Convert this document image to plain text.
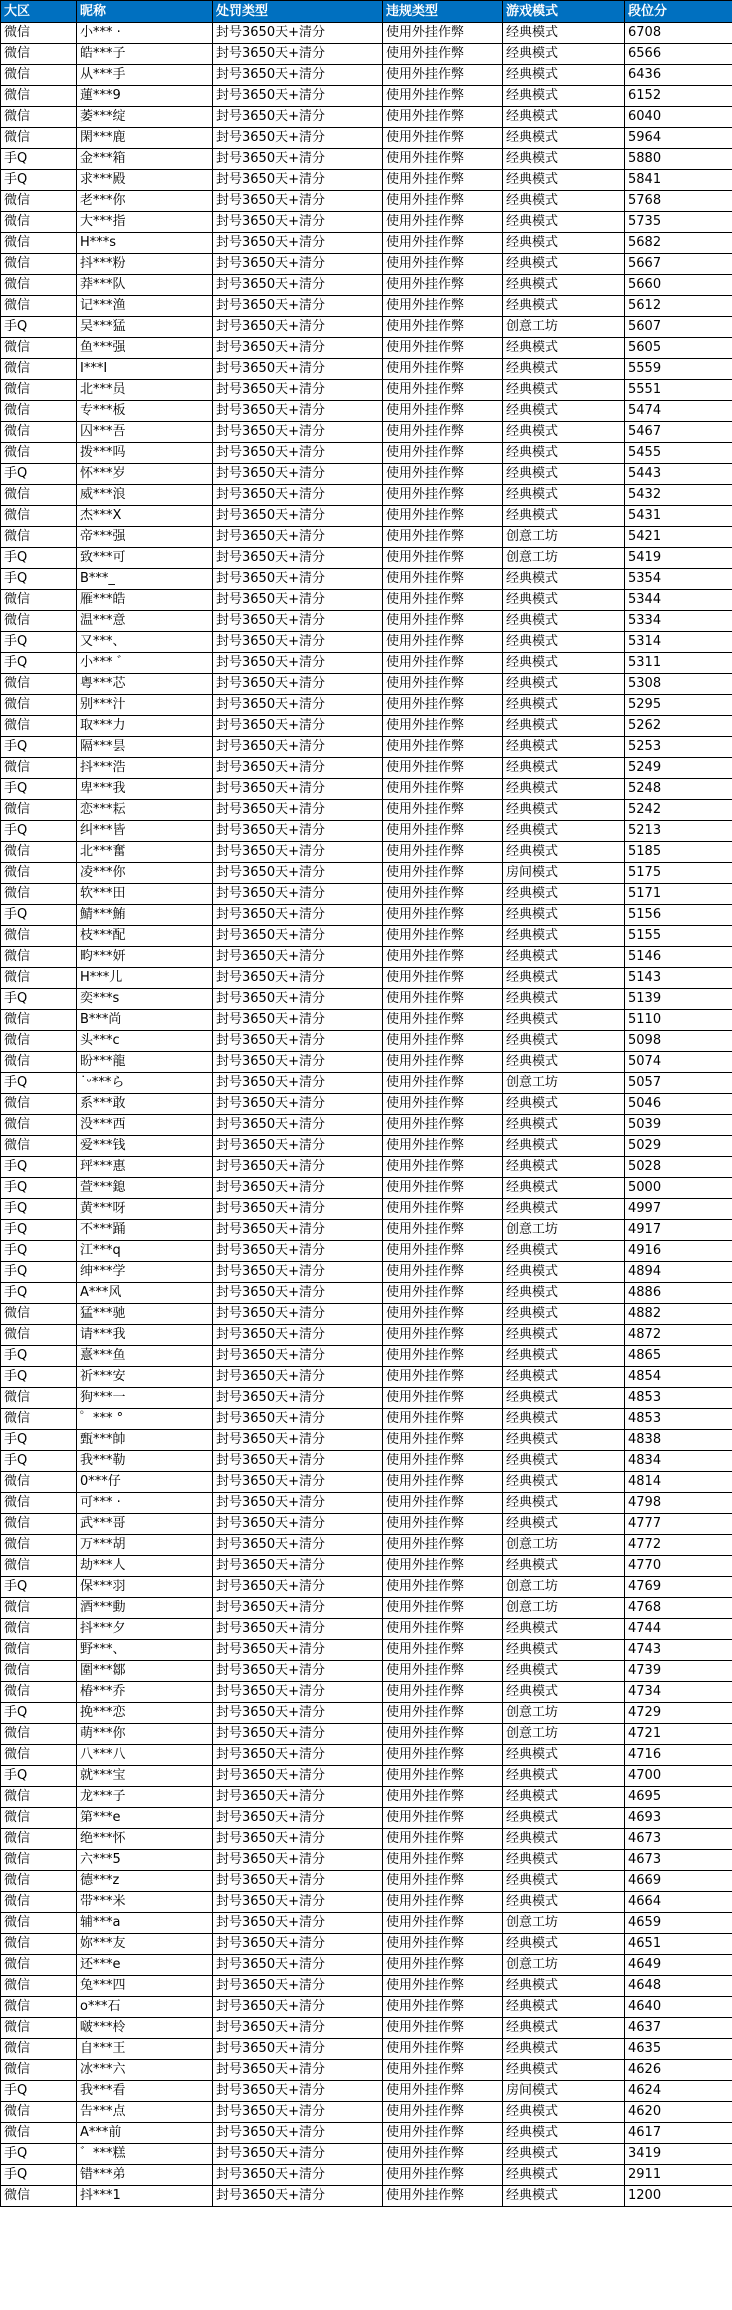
大区	昵称	处罚类型	违规类型	游戏模式	段位分
微信	小*** ·	封号3650天+清分	使用外挂作弊	经典模式	6708
微信	皓***子	封号3650天+清分	使用外挂作弊	经典模式	6566
微信	从***手	封号3650天+清分	使用外挂作弊	经典模式	6436
微信	蓮***9	封号3650天+清分	使用外挂作弊	经典模式	6152
微信	萎***绽	封号3650天+清分	使用外挂作弊	经典模式	6040
微信	閑***鹿	封号3650天+清分	使用外挂作弊	经典模式	5964
手Q	金***箱	封号3650天+清分	使用外挂作弊	经典模式	5880
手Q	求***殿	封号3650天+清分	使用外挂作弊	经典模式	5841
微信	老***你	封号3650天+清分	使用外挂作弊	经典模式	5768
微信	大***指	封号3650天+清分	使用外挂作弊	经典模式	5735
微信	H***s	封号3650天+清分	使用外挂作弊	经典模式	5682
微信	抖***粉	封号3650天+清分	使用外挂作弊	经典模式	5667
微信	莽***队	封号3650天+清分	使用外挂作弊	经典模式	5660
微信	记***渔	封号3650天+清分	使用外挂作弊	经典模式	5612
手Q	吴***猛	封号3650天+清分	使用外挂作弊	创意工坊	5607
微信	鱼***强	封号3650天+清分	使用外挂作弊	经典模式	5605
微信	I***I	封号3650天+清分	使用外挂作弊	经典模式	5559
微信	北***员	封号3650天+清分	使用外挂作弊	经典模式	5551
微信	专***板	封号3650天+清分	使用外挂作弊	经典模式	5474
微信	囚***吾	封号3650天+清分	使用外挂作弊	经典模式	5467
微信	拨***吗	封号3650天+清分	使用外挂作弊	经典模式	5455
手Q	怀***岁	封号3650天+清分	使用外挂作弊	经典模式	5443
微信	威***浪	封号3650天+清分	使用外挂作弊	经典模式	5432
微信	杰***X	封号3650天+清分	使用外挂作弊	经典模式	5431
微信	帝***强	封号3650天+清分	使用外挂作弊	创意工坊	5421
手Q	致***可	封号3650天+清分	使用外挂作弊	创意工坊	5419
手Q	B***_	封号3650天+清分	使用外挂作弊	经典模式	5354
微信	雁***皓	封号3650天+清分	使用外挂作弊	经典模式	5344
微信	温***意	封号3650天+清分	使用外挂作弊	经典模式	5334
手Q	又***、	封号3650天+清分	使用外挂作弊	经典模式	5314
手Q	小*** ゛	封号3650天+清分	使用外挂作弊	经典模式	5311
微信	粤***芯	封号3650天+清分	使用外挂作弊	经典模式	5308
微信	别***汁	封号3650天+清分	使用外挂作弊	经典模式	5295
微信	取***力	封号3650天+清分	使用外挂作弊	经典模式	5262
手Q	隔***昙	封号3650天+清分	使用外挂作弊	经典模式	5253
微信	抖***浩	封号3650天+清分	使用外挂作弊	经典模式	5249
手Q	卑***我	封号3650天+清分	使用外挂作弊	经典模式	5248
微信	恋***耘	封号3650天+清分	使用外挂作弊	经典模式	5242
手Q	纠***皆	封号3650天+清分	使用外挂作弊	经典模式	5213
微信	北***奮	封号3650天+清分	使用外挂作弊	经典模式	5185
微信	凌***你	封号3650天+清分	使用外挂作弊	房间模式	5175
微信	软***田	封号3650天+清分	使用外挂作弊	经典模式	5171
手Q	鯖***鮪	封号3650天+清分	使用外挂作弊	经典模式	5156
微信	枝***配	封号3650天+清分	使用外挂作弊	经典模式	5155
微信	畇***妍	封号3650天+清分	使用外挂作弊	经典模式	5146
微信	H***儿	封号3650天+清分	使用外挂作弊	经典模式	5143
手Q	奕***s	封号3650天+清分	使用外挂作弊	经典模式	5139
微信	B***尚	封号3650天+清分	使用外挂作弊	经典模式	5110
微信	头***c	封号3650天+清分	使用外挂作弊	经典模式	5098
微信	盼***龍	封号3650天+清分	使用外挂作弊	经典模式	5074
手Q	˙ᵕ***ら	封号3650天+清分	使用外挂作弊	创意工坊	5057
微信	系***敢	封号3650天+清分	使用外挂作弊	经典模式	5046
微信	没***西	封号3650天+清分	使用外挂作弊	经典模式	5039
微信	爱***钱	封号3650天+清分	使用外挂作弊	经典模式	5029
手Q	玶***惠	封号3650天+清分	使用外挂作弊	经典模式	5028
手Q	萱***鎴	封号3650天+清分	使用外挂作弊	经典模式	5000
手Q	黄***呀	封号3650天+清分	使用外挂作弊	经典模式	4997
手Q	不***踊	封号3650天+清分	使用外挂作弊	创意工坊	4917
手Q	江***q	封号3650天+清分	使用外挂作弊	经典模式	4916
手Q	绅***学	封号3650天+清分	使用外挂作弊	经典模式	4894
手Q	A***风	封号3650天+清分	使用外挂作弊	经典模式	4886
微信	猛***驰	封号3650天+清分	使用外挂作弊	经典模式	4882
微信	请***我	封号3650天+清分	使用外挂作弊	经典模式	4872
手Q	憙***鱼	封号3650天+清分	使用外挂作弊	经典模式	4865
手Q	祈***安	封号3650天+清分	使用外挂作弊	经典模式	4854
微信	狗***一	封号3650天+清分	使用外挂作弊	经典模式	4853
微信	゜*** °	封号3650天+清分	使用外挂作弊	经典模式	4853
手Q	甄***帥	封号3650天+清分	使用外挂作弊	经典模式	4838
手Q	我***勒	封号3650天+清分	使用外挂作弊	经典模式	4834
微信	0***仔	封号3650天+清分	使用外挂作弊	经典模式	4814
微信	可*** ·	封号3650天+清分	使用外挂作弊	经典模式	4798
微信	武***哥	封号3650天+清分	使用外挂作弊	经典模式	4777
微信	万***胡	封号3650天+清分	使用外挂作弊	创意工坊	4772
微信	劫***人	封号3650天+清分	使用外挂作弊	经典模式	4770
手Q	保***羽	封号3650天+清分	使用外挂作弊	创意工坊	4769
微信	酒***動	封号3650天+清分	使用外挂作弊	创意工坊	4768
微信	抖***夕	封号3650天+清分	使用外挂作弊	经典模式	4744
微信	野***、	封号3650天+清分	使用外挂作弊	经典模式	4743
微信	圍***鄒	封号3650天+清分	使用外挂作弊	经典模式	4739
微信	椿***乔	封号3650天+清分	使用外挂作弊	经典模式	4734
手Q	挽***恋	封号3650天+清分	使用外挂作弊	创意工坊	4729
微信	萌***你	封号3650天+清分	使用外挂作弊	创意工坊	4721
微信	八***八	封号3650天+清分	使用外挂作弊	经典模式	4716
手Q	就***宝	封号3650天+清分	使用外挂作弊	经典模式	4700
微信	龙***子	封号3650天+清分	使用外挂作弊	经典模式	4695
微信	第***e	封号3650天+清分	使用外挂作弊	经典模式	4693
微信	绝***怀	封号3650天+清分	使用外挂作弊	经典模式	4673
微信	六***5	封号3650天+清分	使用外挂作弊	经典模式	4673
微信	德***z	封号3650天+清分	使用外挂作弊	经典模式	4669
微信	带***米	封号3650天+清分	使用外挂作弊	经典模式	4664
微信	辅***a	封号3650天+清分	使用外挂作弊	创意工坊	4659
微信	妳***友	封号3650天+清分	使用外挂作弊	经典模式	4651
微信	还***e	封号3650天+清分	使用外挂作弊	创意工坊	4649
微信	兔***四	封号3650天+清分	使用外挂作弊	经典模式	4648
微信	o***石	封号3650天+清分	使用外挂作弊	经典模式	4640
微信	啵***柃	封号3650天+清分	使用外挂作弊	经典模式	4637
微信	自***王	封号3650天+清分	使用外挂作弊	经典模式	4635
微信	冰***六	封号3650天+清分	使用外挂作弊	经典模式	4626
手Q	我***看	封号3650天+清分	使用外挂作弊	房间模式	4624
微信	告***点	封号3650天+清分	使用外挂作弊	经典模式	4620
微信	A***前	封号3650天+清分	使用外挂作弊	经典模式	4617
手Q	゛***糕	封号3650天+清分	使用外挂作弊	经典模式	3419
手Q	错***弟	封号3650天+清分	使用外挂作弊	经典模式	2911
微信	抖***1	封号3650天+清分	使用外挂作弊	经典模式	1200
